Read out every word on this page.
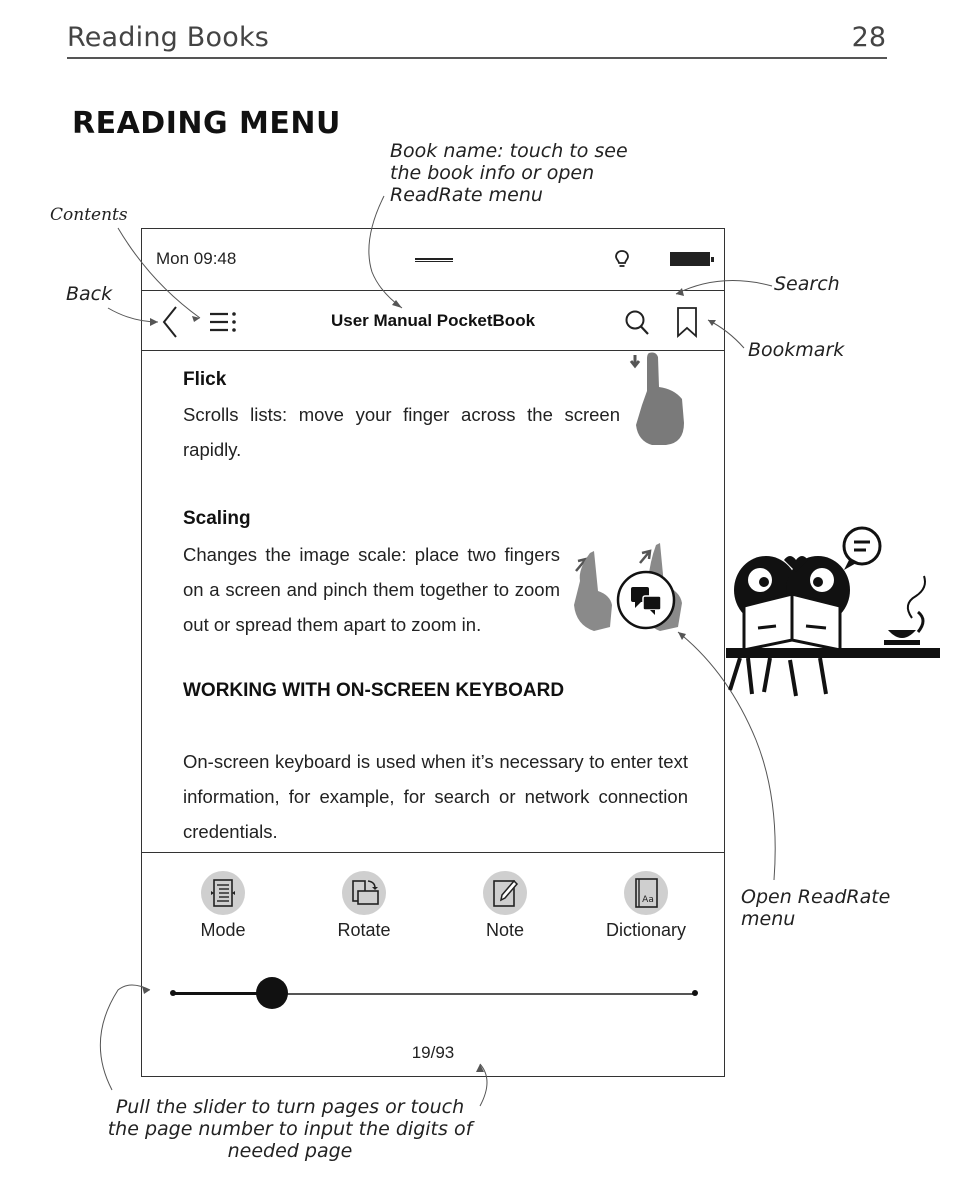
Reading Books	28
READING MENU
Book name: touch to see the book info or open ReadRate menu
Contents
Back	Search
Bookmark
Open ReadRate menu
Pull the slider to turn pages or touch the page number to input the digits of needed page
Mon 09:48
User Manual PocketBook
Flick
Scrolls lists: move your finger across the screen rapidly.
Scaling
Changes the image scale: place two fingers on a screen and pinch them together to zoom out or spread them apart to zoom in.
WORKING WITH ON-SCREEN KEYBOARD
On-screen keyboard is used when it’s necessary to enter text information, for example, for search or network connection credentials.
Mode	Rotate	Note
Aa
Dictionary
19/93
